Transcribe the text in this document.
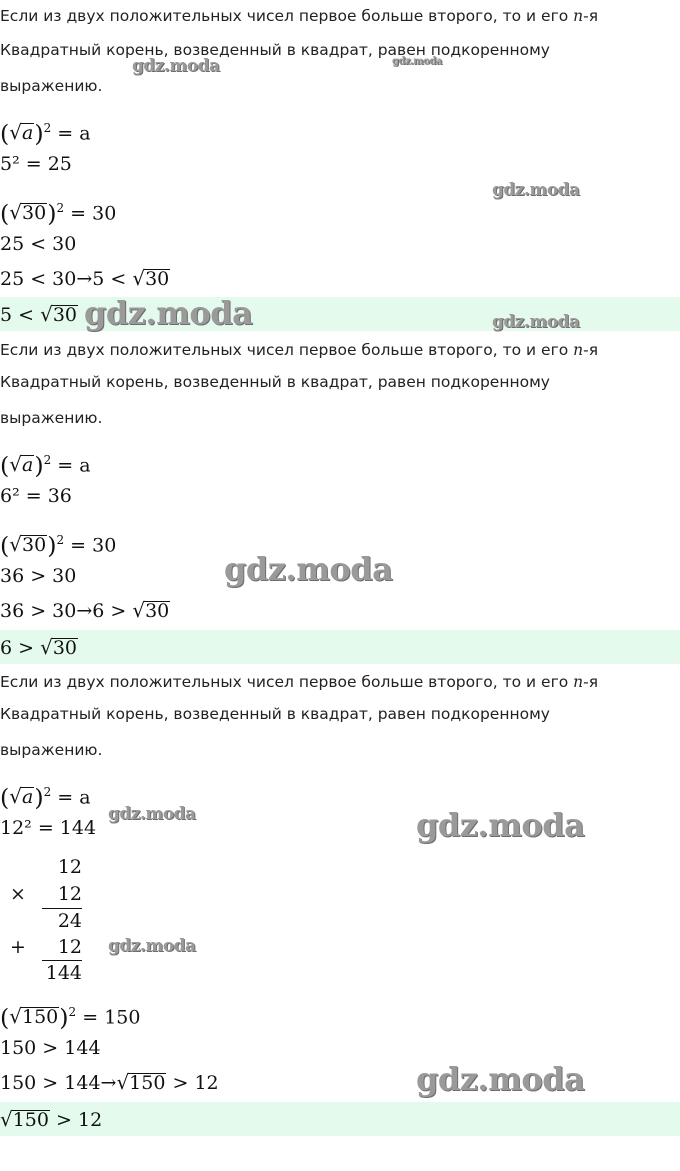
Если из двух положительных чисел первое больше второго, то и его n-я

Квадратный корень, возведенный в квадрат, равен подкоренному

выражению.

$(√a)^2 = a$
5² = 25
$(√30)^2 = 30$
25 < 30
25 < 30→5 < √30
5 < √30

Если из двух положительных чисел первое больше второго, то и его n-я

Квадратный корень, возведенный в квадрат, равен подкоренному

выражению.

$(√a)^2 = a$
6² = 36
$(√30)^2 = 30$
36 > 30
36 > 30→6 > √30
6 > √30

Если из двух положительных чисел первое больше второго, то и его n-я

Квадратный корень, возведенный в квадрат, равен подкоренному

выражению.

$(√a)^2 = a$
12² = 144
12
×	12
24
+	12
144
$(√150)^2 = 150$
150 > 144
150 > 144→√150 > 12
√150 > 12
gdz.moda	gdz.moda
gdz.moda
gdz.moda	gdz.moda
gdz.moda
gdz.moda	gdz.moda
gdz.moda
gdz.moda
